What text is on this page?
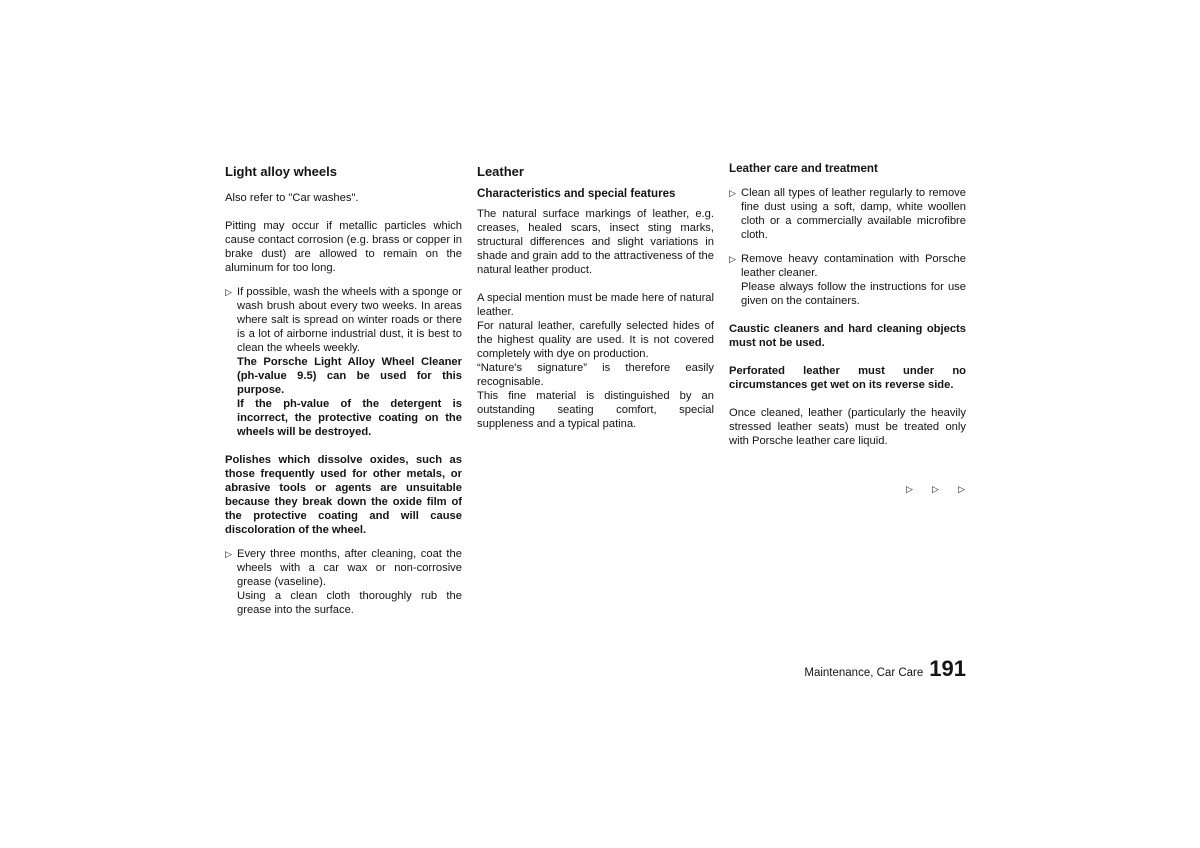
Light alloy wheels

Also refer to "Car washes".

Pitting may occur if metallic particles which cause contact corrosion (e.g. brass or copper in brake dust) are allowed to remain on the aluminum for too long.

▷ If possible, wash the wheels with a sponge or wash brush about every two weeks. In areas where salt is spread on winter roads or there is a lot of airborne industrial dust, it is best to clean the wheels weekly.

The Porsche Light Alloy Wheel Cleaner (ph-value 9.5) can be used for this purpose.

If the ph-value of the detergent is incorrect, the protective coating on the wheels will be destroyed.

Polishes which dissolve oxides, such as those frequently used for other metals, or abrasive tools or agents are unsuitable because they break down the oxide film of the protective coating and will cause discoloration of the wheel.

▷ Every three months, after cleaning, coat the wheels with a car wax or non-corrosive grease (vaseline).

Using a clean cloth thoroughly rub the grease into the surface.

Leather
Characteristics and special features

The natural surface markings of leather, e.g. creases, healed scars, insect sting marks, structural differences and slight variations in shade and grain add to the attractiveness of the natural leather product.

A special mention must be made here of natural leather.

For natural leather, carefully selected hides of the highest quality are used. It is not covered completely with dye on production.

“Nature's signature” is therefore easily recognisable.

This fine material is distinguished by an outstanding seating comfort, special suppleness and a typical patina.

Leather care and treatment
▷ Clean all types of leather regularly to remove fine dust using a soft, damp, white woollen cloth or a commercially available microfibre cloth.

▷ Remove heavy contamination with Porsche leather cleaner.

Please always follow the instructions for use given on the containers.

Caustic cleaners and hard cleaning objects must not be used.

Perforated leather must under no circumstances get wet on its reverse side.

Once cleaned, leather (particularly the heavily stressed leather seats) must be treated only with Porsche leather care liquid.

▷ ▷ ▷
Maintenance, Car Care 191
